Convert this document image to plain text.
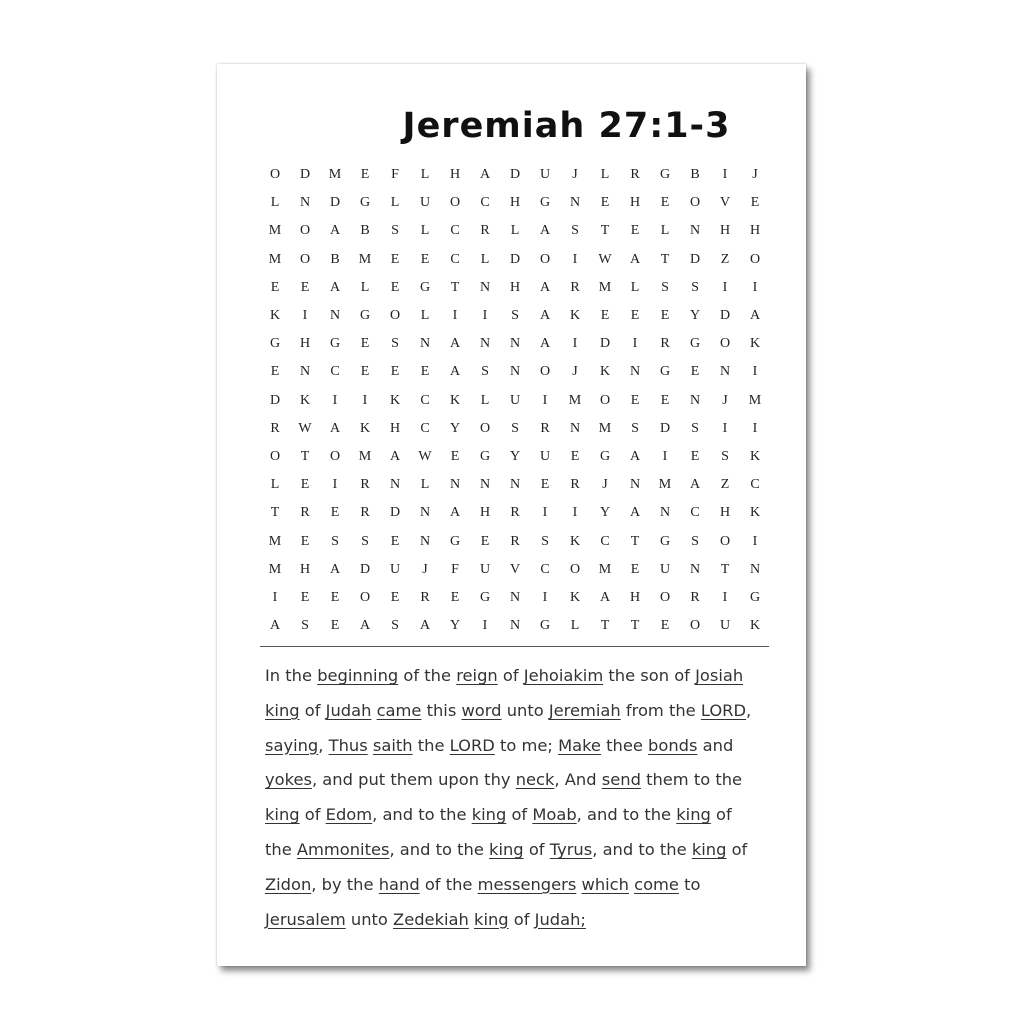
Jeremiah 27:1-3
O	D	M	E	F	L	H	A	D	U	J	L	R	G	B	I	J
L	N	D	G	L	U	O	C	H	G	N	E	H	E	O	V	E
M	O	A	B	S	L	C	R	L	A	S	T	E	L	N	H	H
M	O	B	M	E	E	C	L	D	O	I	W	A	T	D	Z	O
E	E	A	L	E	G	T	N	H	A	R	M	L	S	S	I	I
K	I	N	G	O	L	I	I	S	A	K	E	E	E	Y	D	A
G	H	G	E	S	N	A	N	N	A	I	D	I	R	G	O	K
E	N	C	E	E	E	A	S	N	O	J	K	N	G	E	N	I
D	K	I	I	K	C	K	L	U	I	M	O	E	E	N	J	M
R	W	A	K	H	C	Y	O	S	R	N	M	S	D	S	I	I
O	T	O	M	A	W	E	G	Y	U	E	G	A	I	E	S	K
L	E	I	R	N	L	N	N	N	E	R	J	N	M	A	Z	C
T	R	E	R	D	N	A	H	R	I	I	Y	A	N	C	H	K
M	E	S	S	E	N	G	E	R	S	K	C	T	G	S	O	I
M	H	A	D	U	J	F	U	V	C	O	M	E	U	N	T	N
I	E	E	O	E	R	E	G	N	I	K	A	H	O	R	I	G
A	S	E	A	S	A	Y	I	N	G	L	T	T	E	O	U	K
In the beginning of the reign of Jehoiakim the son of Josiah
king of Judah came this word unto Jeremiah from the LORD,
saying, Thus saith the LORD to me; Make thee bonds and
yokes, and put them upon thy neck, And send them to the
king of Edom, and to the king of Moab, and to the king of
the Ammonites, and to the king of Tyrus, and to the king of
Zidon, by the hand of the messengers which come to
Jerusalem unto Zedekiah king of Judah;
